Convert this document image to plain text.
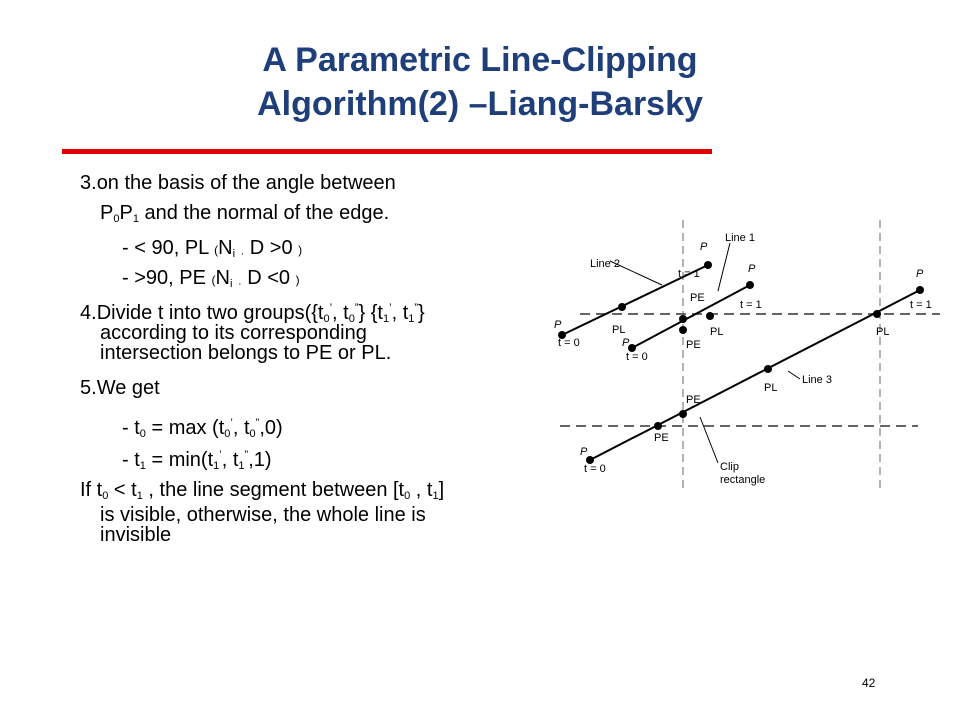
A Parametric Line-Clipping
Algorithm(2) –Liang-Barsky
3.on the basis of the angle between
P0P1 and the normal of the edge.
- < 90, PL (Ni · D >0 )
- >90, PE (Ni · D <0 )
4.Divide t into two groups({t0’, t0”} {t1’, t1”}
according to its corresponding
intersection belongs to PE or PL.
5.We get
- t0 = max (t0’, t0”,0)
- t1 = min(t1’, t1”,1)
If t0 < t1 , the line segment between [t0 , t1]
is visible, otherwise, the whole line is
invisible
Line 2
Line 1
Line 3
Clip
rectangle
P
P
P
P
P
P
t = 0
t = 0
t = 0
t = 1
t = 1	t = 1
PE
PE
PE
PE
PL	PL
PL
PL
42
